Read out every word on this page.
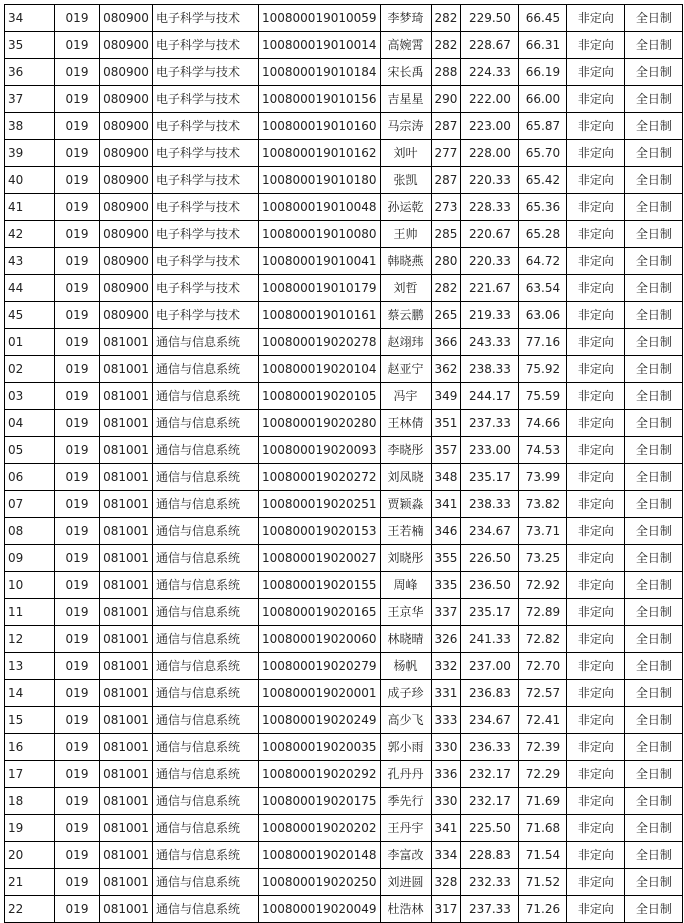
34	019	080900	电子科学与技术	100800019010059	李梦琦	282	229.50	66.45	非定向	全日制
35	019	080900	电子科学与技术	100800019010014	高婉霄	282	228.67	66.31	非定向	全日制
36	019	080900	电子科学与技术	100800019010184	宋长禹	288	224.33	66.19	非定向	全日制
37	019	080900	电子科学与技术	100800019010156	吉星星	290	222.00	66.00	非定向	全日制
38	019	080900	电子科学与技术	100800019010160	马宗涛	287	223.00	65.87	非定向	全日制
39	019	080900	电子科学与技术	100800019010162	刘叶	277	228.00	65.70	非定向	全日制
40	019	080900	电子科学与技术	100800019010180	张凯	287	220.33	65.42	非定向	全日制
41	019	080900	电子科学与技术	100800019010048	孙运乾	273	228.33	65.36	非定向	全日制
42	019	080900	电子科学与技术	100800019010080	王帅	285	220.67	65.28	非定向	全日制
43	019	080900	电子科学与技术	100800019010041	韩晓燕	280	220.33	64.72	非定向	全日制
44	019	080900	电子科学与技术	100800019010179	刘哲	282	221.67	63.54	非定向	全日制
45	019	080900	电子科学与技术	100800019010161	蔡云鹏	265	219.33	63.06	非定向	全日制
01	019	081001	通信与信息系统	100800019020278	赵翊玮	366	243.33	77.16	非定向	全日制
02	019	081001	通信与信息系统	100800019020104	赵亚宁	362	238.33	75.92	非定向	全日制
03	019	081001	通信与信息系统	100800019020105	冯宇	349	244.17	75.59	非定向	全日制
04	019	081001	通信与信息系统	100800019020280	王林倩	351	237.33	74.66	非定向	全日制
05	019	081001	通信与信息系统	100800019020093	李晓彤	357	233.00	74.53	非定向	全日制
06	019	081001	通信与信息系统	100800019020272	刘凤晓	348	235.17	73.99	非定向	全日制
07	019	081001	通信与信息系统	100800019020251	贾颖淼	341	238.33	73.82	非定向	全日制
08	019	081001	通信与信息系统	100800019020153	王若楠	346	234.67	73.71	非定向	全日制
09	019	081001	通信与信息系统	100800019020027	刘晓彤	355	226.50	73.25	非定向	全日制
10	019	081001	通信与信息系统	100800019020155	周峰	335	236.50	72.92	非定向	全日制
11	019	081001	通信与信息系统	100800019020165	王京华	337	235.17	72.89	非定向	全日制
12	019	081001	通信与信息系统	100800019020060	林晓晴	326	241.33	72.82	非定向	全日制
13	019	081001	通信与信息系统	100800019020279	杨帆	332	237.00	72.70	非定向	全日制
14	019	081001	通信与信息系统	100800019020001	成子珍	331	236.83	72.57	非定向	全日制
15	019	081001	通信与信息系统	100800019020249	高少飞	333	234.67	72.41	非定向	全日制
16	019	081001	通信与信息系统	100800019020035	郭小雨	330	236.33	72.39	非定向	全日制
17	019	081001	通信与信息系统	100800019020292	孔丹丹	336	232.17	72.29	非定向	全日制
18	019	081001	通信与信息系统	100800019020175	季先行	330	232.17	71.69	非定向	全日制
19	019	081001	通信与信息系统	100800019020202	王丹宇	341	225.50	71.68	非定向	全日制
20	019	081001	通信与信息系统	100800019020148	李富改	334	228.83	71.54	非定向	全日制
21	019	081001	通信与信息系统	100800019020250	刘进圆	328	232.33	71.52	非定向	全日制
22	019	081001	通信与信息系统	100800019020049	杜浩林	317	237.33	71.26	非定向	全日制
